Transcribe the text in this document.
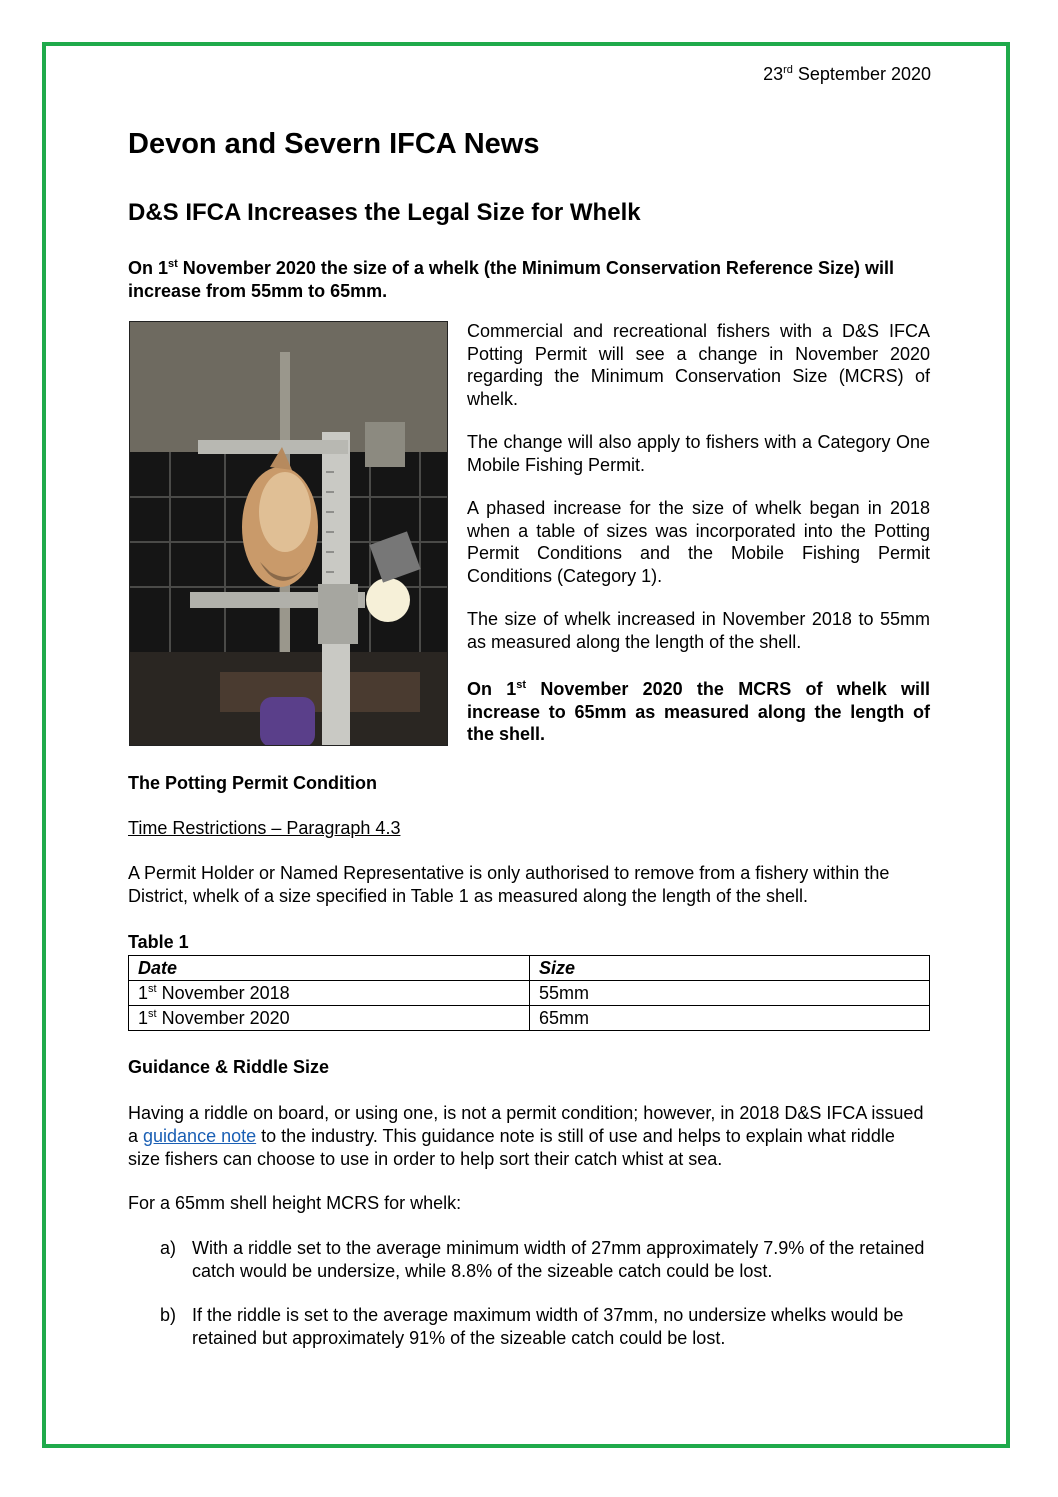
23rd September 2020
Devon and Severn IFCA News
D&S IFCA Increases the Legal Size for Whelk

On 1st November 2020 the size of a whelk (the Minimum Conservation Reference Size) will increase from 55mm to 65mm.

Commercial and recreational fishers with a D&S IFCA Potting Permit will see a change in November 2020 regarding the Minimum Conservation Size (MCRS) of whelk.

The change will also apply to fishers with a Category One Mobile Fishing Permit.

A phased increase for the size of whelk began in 2018 when a table of sizes was incorporated into the Potting Permit Conditions and the Mobile Fishing Permit Conditions (Category 1).

The size of whelk increased in November 2018 to 55mm as measured along the length of the shell.

On 1st November 2020 the MCRS of whelk will increase to 65mm as measured along the length of the shell.

The Potting Permit Condition

Time Restrictions – Paragraph 4.3

A Permit Holder or Named Representative is only authorised to remove from a fishery within the District, whelk of a size specified in Table 1 as measured along the length of the shell.

Table 1
Date	Size
1st November 2018	55mm
1st November 2020	65mm

Guidance & Riddle Size

Having a riddle on board, or using one, is not a permit condition; however, in 2018 D&S IFCA issued a guidance note to the industry. This guidance note is still of use and helps to explain what riddle size fishers can choose to use in order to help sort their catch whist at sea.

For a 65mm shell height MCRS for whelk:

a) With a riddle set to the average minimum width of 27mm approximately 7.9% of the retained catch would be undersize, while 8.8% of the sizeable catch could be lost.
b) If the riddle is set to the average maximum width of 37mm, no undersize whelks would be retained but approximately 91% of the sizeable catch could be lost.
